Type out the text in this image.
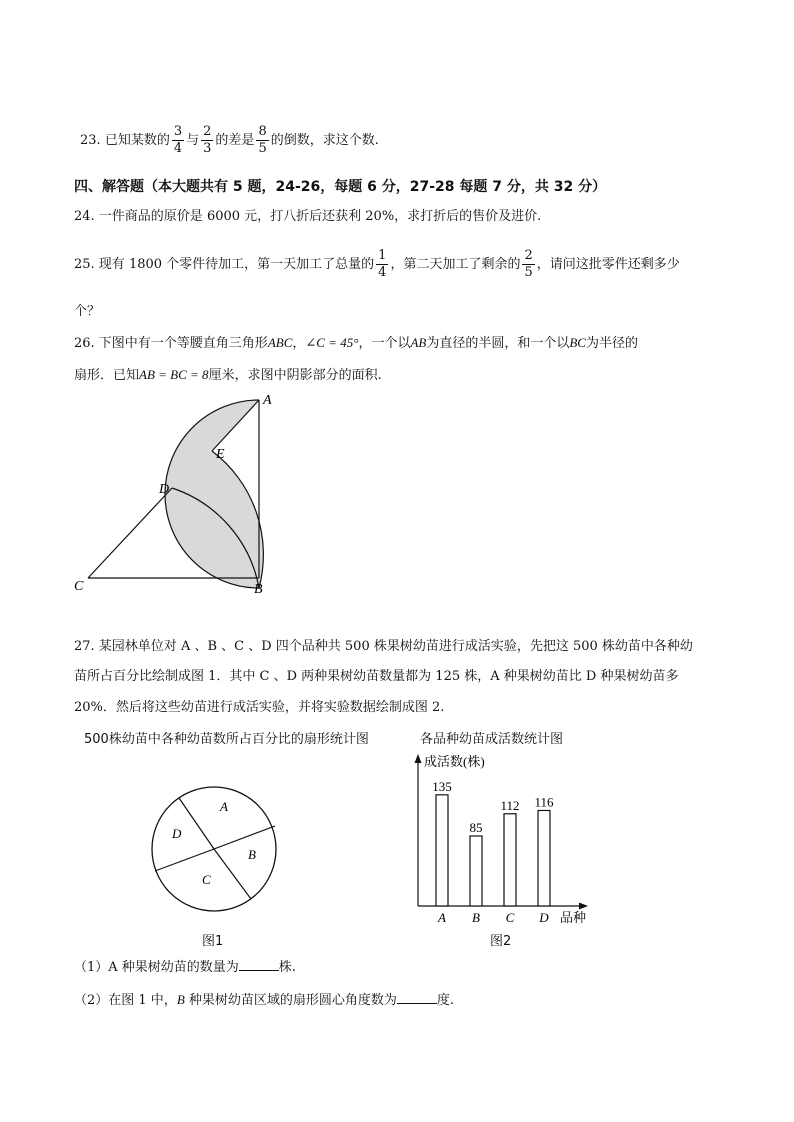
23. 已知某数的 $\frac{3}{4}$ 与 $\frac{2}{3}$ 的差是 $\frac{8}{5}$ 的倒数，求这个数.
四、解答题（本大题共有 5 题，24-26，每题 6 分，27-28 每题 7 分，共 32 分）
24. 一件商品的原价是 6000 元，打八折后还获利 20%，求打折后的售价及进价.
25. 现有 1800 个零件待加工，第一天加工了总量的 $\frac{1}{4}$ ，第二天加工了剩余的 $\frac{2}{5}$ ，请问这批零件还剩多少
个？
26. 下图中有一个等腰直角三角形ABC，∠C = 45°，一个以AB为直径的半圆，和一个以BC为半径的
扇形．已知AB = BC = 8厘米，求图中阴影部分的面积.
A
B
C
D
E
27. 某园林单位对 A 、B 、C 、D 四个品种共 500 株果树幼苗进行成活实验，先把这 500 株幼苗中各种幼
苗所占百分比绘制成图 1．其中 C 、D 两种果树幼苗数量都为 125 株，A 种果树幼苗比 D 种果树幼苗多
20%．然后将这些幼苗进行成活实验，并将实验数据绘制成图 2.
500株幼苗中各种幼苗数所占百分比的扇形统计图
A
B
C
D
图1
各品种幼苗成活数统计图
成活数(株)
品种
135
A
85
B
112
C
116
D
图2
（1）A 种果树幼苗的数量为	株.
（2）在图 1 中，B 种果树幼苗区域的扇形圆心角度数为	度.
